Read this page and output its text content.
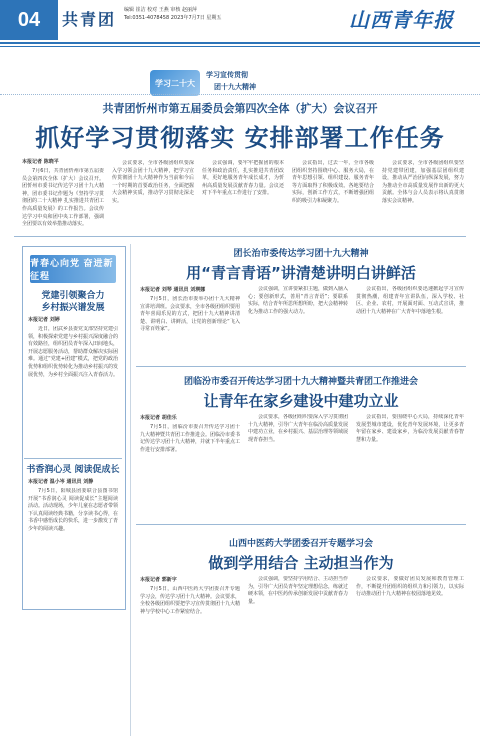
04	共青团 编辑 崔洁 校对 王燕 审核 赵丽萍
Tel:0351-4078458 2023年7月7日 星期五	山西青年报
学习二十大
学习宣传贯彻
团十九大精神
共青团忻州市第五届委员会第四次全体（扩大）会议召开
抓好学习贯彻落实 安排部署工作任务
本报记者 陈晓平

7月6日，共青团忻州市第五届委员会第四次全体（扩大）会议召开。团忻州市委书记传达学习团十九大精神，团市委书记作题为《坚持学习贯彻团的二十大精神 扎实推进共青团工作高质量发展》的工作报告。会议传达学习中央和团中央工作部署，强调全团要以有效举措推动落实。

会议要求，全市各级团组织要深入学习领会团十九大精神，把学习宣传贯彻团十九大精神作为当前和今后一个时期的首要政治任务，全面把握大会精神实质，推动学习贯彻走深走实。

会议强调，要牢牢把握团的根本任务和政治责任，扎实推进共青团改革，更好地服务青年成长成才，为忻州高质量发展贡献青春力量。会议还对下半年重点工作进行了安排。

会议指出，过去一年，全市各级团组织坚持围绕中心、服务大局，在青年思想引领、组织建设、服务青年等方面取得了积极成效。各地要结合实际，创新工作方式，不断增强团组织的吸引力和凝聚力。

会议要求，全市各级团组织要坚持党建带团建，加强基层团组织建设，推动从严治团向纵深发展，努力为推动全市高质量发展作出新的更大贡献。全体与会人员表示将认真贯彻落实会议精神。

青春心向党 奋进新征程
党建引领聚合力
乡村振兴谱发展
本报记者 刘婷

近日，团武乡县委党支部坚持党建引领，积极探索党建与乡村振兴深度融合的有效路径，组织团员青年深入田间地头，开展志愿服务活动，帮助群众解决实际困难。通过“党建+团建”模式，把党的政治优势和组织优势转化为推动乡村振兴的发展优势，为乡村全面振兴注入青春活力。

书香润心灵 阅读促成长
本报记者 温小岑 通讯员 刘静

7月5日，阳城县团委联合县图书馆开展“书香润心灵 阅读促成长”主题阅读活动。活动现场，少年儿童在志愿者带领下认真阅读经典书籍，分享读书心得，在书香中感悟成长的快乐，进一步激发了青少年的阅读兴趣。

团长治市委传达学习团十九大精神
用“青言青语”讲清楚讲明白讲鲜活
本报记者 刘琴 通讯员 刘瑛娜

7月5日，团长治市委举办团十九大精神宣讲培训班。会议要求，全市各级团组织要用青年喜闻乐见的方式，把团十九大精神讲清楚、讲明白、讲鲜活，让党的创新理论“飞入寻常百姓家”。

会议强调，宣讲要紧扣主题，做到入脑入心；要创新形式，善用“青言青语”；要联系实际，结合青年所思所想所盼，把大会精神转化为推动工作的强大动力。

会议指出，各级团组织要迅速掀起学习宣传贯彻热潮，组建青年宣讲队伍，深入学校、社区、企业、农村，开展面对面、互动式宣讲，推动团十九大精神在广大青年中落地生根。

团临汾市委召开传达学习团十九大精神暨共青团工作推进会
让青年在家乡建设中建功立业
本报记者 胡佳乐

7月5日，团临汾市委召开传达学习团十九大精神暨共青团工作推进会。团临汾市委书记传达学习团十九大精神，并就下半年重点工作进行安排部署。

会议要求，各级团组织要深入学习贯彻团十九大精神，引导广大青年在临汾高质量发展中建功立业，在乡村振兴、基层治理等领域展现青春担当。

会议指出，要围绕中心大局，持续深化青年发展型城市建设，优化青年发展环境，让更多青年留在家乡、建设家乡，为临汾发展贡献青春智慧和力量。

山西中医药大学团委召开专题学习会
做到学用结合 主动担当作为
本报记者 郭新宇

7月5日，山西中医药大学团委召开专题学习会，传达学习团十九大精神。会议要求，全校各级团组织要把学习宣传贯彻团十九大精神与学校中心工作紧密结合。

会议强调，要坚持学用结合、主动担当作为，引导广大团员青年坚定理想信念，练就过硬本领，在中医药传承创新发展中贡献青春力量。

会议要求，要做好团员发展和教育管理工作，不断提升团组织的组织力和引领力，以实际行动推动团十九大精神在校园落地见效。
